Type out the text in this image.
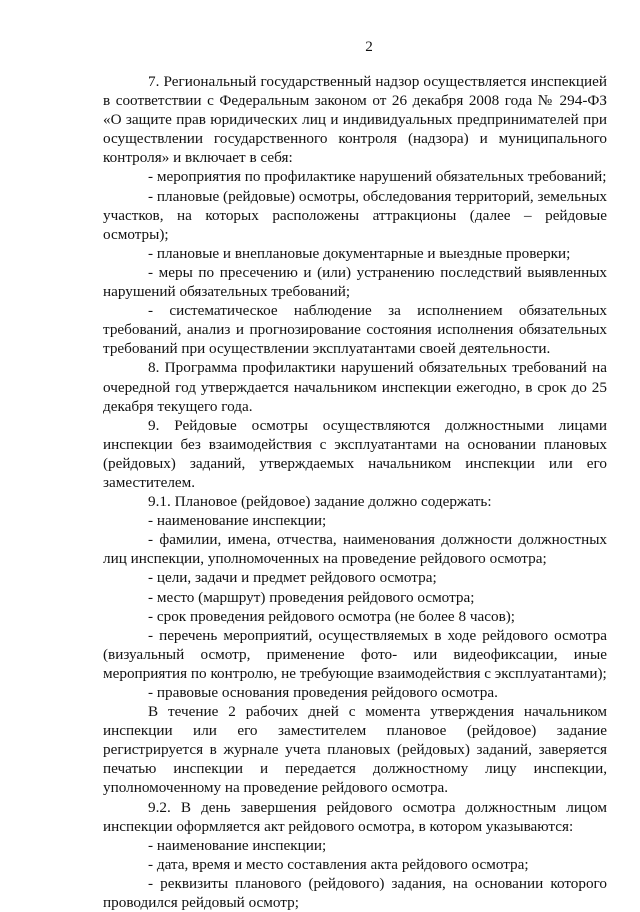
2

7. Региональный государственный надзор осуществляется инспекцией в соответствии с Федеральным законом от 26 декабря 2008 года № 294-ФЗ «О защите прав юридических лиц и индивидуальных предпринимателей при осуществлении государственного контроля (надзора) и муниципального контроля» и включает в себя:

- мероприятия по профилактике нарушений обязательных требований;

- плановые (рейдовые) осмотры, обследования территорий, земельных участков, на которых расположены аттракционы (далее – рейдовые осмотры);

- плановые и внеплановые документарные и выездные проверки;

- меры по пресечению и (или) устранению последствий выявленных нарушений обязательных требований;

- систематическое наблюдение за исполнением обязательных требований, анализ и прогнозирование состояния исполнения обязательных требований при осуществлении эксплуатантами своей деятельности.

8. Программа профилактики нарушений обязательных требований на очередной год утверждается начальником инспекции ежегодно, в срок до 25 декабря текущего года.

9. Рейдовые осмотры осуществляются должностными лицами инспекции без взаимодействия с эксплуатантами на основании плановых (рейдовых) заданий, утверждаемых начальником инспекции или его заместителем.

9.1. Плановое (рейдовое) задание должно содержать:

- наименование инспекции;

- фамилии, имена, отчества, наименования должности должностных лиц инспекции, уполномоченных на проведение рейдового осмотра;

- цели, задачи и предмет рейдового осмотра;

- место (маршрут) проведения рейдового осмотра;

- срок проведения рейдового осмотра (не более 8 часов);

- перечень мероприятий, осуществляемых в ходе рейдового осмотра (визуальный осмотр, применение фото- или видеофиксации, иные мероприятия по контролю, не требующие взаимодействия с эксплуатантами);

- правовые основания проведения рейдового осмотра.

В течение 2 рабочих дней с момента утверждения начальником инспекции или его заместителем плановое (рейдовое) задание регистрируется в журнале учета плановых (рейдовых) заданий, заверяется печатью инспекции и передается должностному лицу инспекции, уполномоченному на проведение рейдового осмотра.

9.2. В день завершения рейдового осмотра должностным лицом инспекции оформляется акт рейдового осмотра, в котором указываются:

- наименование инспекции;

- дата, время и место составления акта рейдового осмотра;

- реквизиты планового (рейдового) задания, на основании которого проводился рейдовый осмотр;
